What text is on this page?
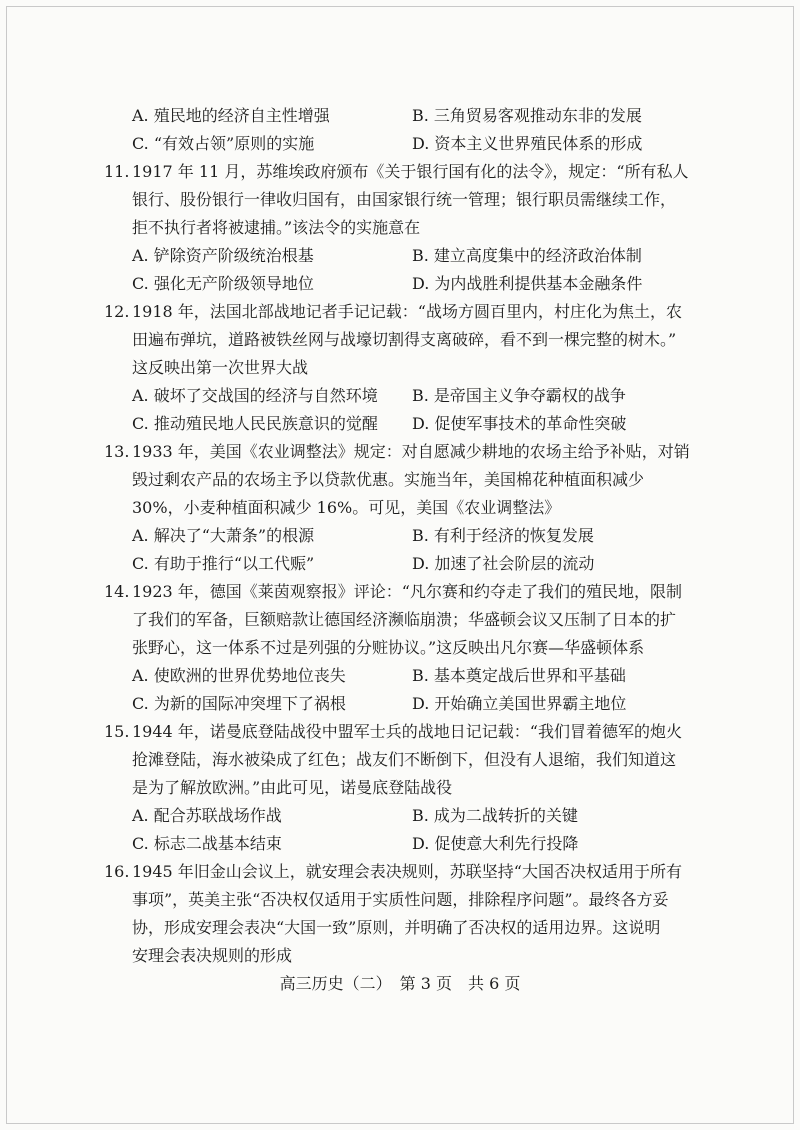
A. 殖民地的经济自主性增强	B. 三角贸易客观推动东非的发展
C. “有效占领”原则的实施	D. 资本主义世界殖民体系的形成
11. 1917 年 11 月，苏维埃政府颁布《关于银行国有化的法令》，规定：“所有私人
银行、股份银行一律收归国有，由国家银行统一管理；银行职员需继续工作，
拒不执行者将被逮捕。”该法令的实施意在
A. 铲除资产阶级统治根基	B. 建立高度集中的经济政治体制
C. 强化无产阶级领导地位	D. 为内战胜利提供基本金融条件
12. 1918 年，法国北部战地记者手记记载：“战场方圆百里内，村庄化为焦土，农
田遍布弹坑，道路被铁丝网与战壕切割得支离破碎，看不到一棵完整的树木。”
这反映出第一次世界大战
A. 破坏了交战国的经济与自然环境 B. 是帝国主义争夺霸权的战争
C. 推动殖民地人民民族意识的觉醒 D. 促使军事技术的革命性突破
13. 1933 年，美国《农业调整法》规定：对自愿减少耕地的农场主给予补贴，对销
毁过剩农产品的农场主予以贷款优惠。实施当年，美国棉花种植面积减少
30%，小麦种植面积减少 16%。可见，美国《农业调整法》
A. 解决了“大萧条”的根源	B. 有利于经济的恢复发展
C. 有助于推行“以工代赈”	D. 加速了社会阶层的流动
14. 1923 年，德国《莱茵观察报》评论：“凡尔赛和约夺走了我们的殖民地，限制
了我们的军备，巨额赔款让德国经济濒临崩溃；华盛顿会议又压制了日本的扩
张野心，这一体系不过是列强的分赃协议。”这反映出凡尔赛—华盛顿体系
A. 使欧洲的世界优势地位丧失	B. 基本奠定战后世界和平基础
C. 为新的国际冲突埋下了祸根	D. 开始确立美国世界霸主地位
15. 1944 年，诺曼底登陆战役中盟军士兵的战地日记记载：“我们冒着德军的炮火
抢滩登陆，海水被染成了红色；战友们不断倒下，但没有人退缩，我们知道这
是为了解放欧洲。”由此可见，诺曼底登陆战役
A. 配合苏联战场作战	B. 成为二战转折的关键
C. 标志二战基本结束	D. 促使意大利先行投降
16. 1945 年旧金山会议上，就安理会表决规则，苏联坚持“大国否决权适用于所有
事项”，英美主张“否决权仅适用于实质性问题，排除程序问题”。最终各方妥
协，形成安理会表决“大国一致”原则，并明确了否决权的适用边界。这说明
安理会表决规则的形成
高三历史（二）　第 3 页　共 6 页
